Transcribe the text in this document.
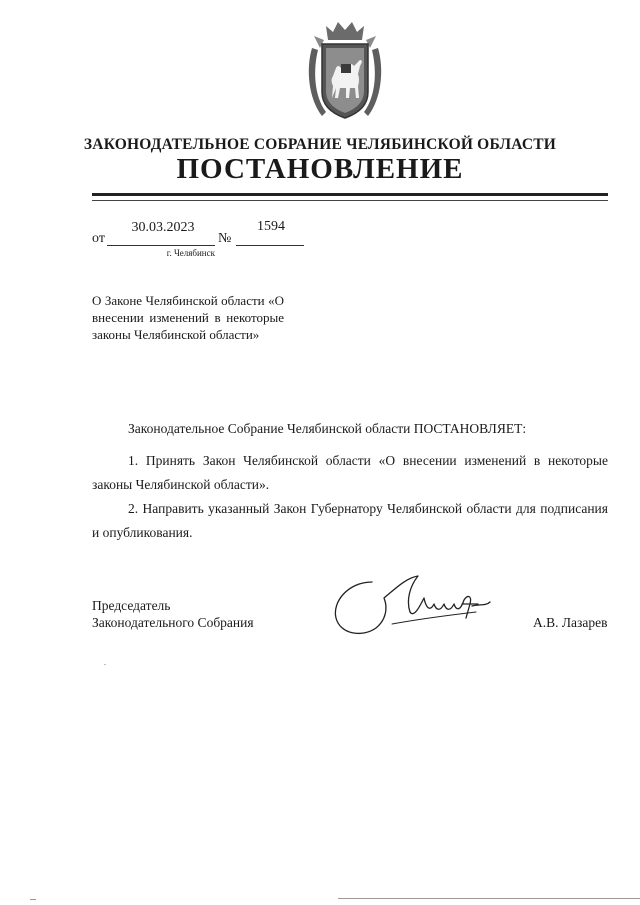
ЗАКОНОДАТЕЛЬНОЕ СОБРАНИЕ ЧЕЛЯБИНСКОЙ ОБЛАСТИ
ПОСТАНОВЛЕНИЕ
от
30.03.2023
№
1594
г. Челябинск
О Законе Челябинской области «О внесении изменений в некоторые законы Челябинской области»
Законодательное Собрание Челябинской области ПОСТАНОВЛЯЕТ:
1. Принять Закон Челябинской области «О внесении изменений в некоторые законы Челябинской области».
2. Направить указанный Закон Губернатору Челябинской области для подписания и опубликования.
Председатель
Законодательного Собрания	А.В. Лазарев
